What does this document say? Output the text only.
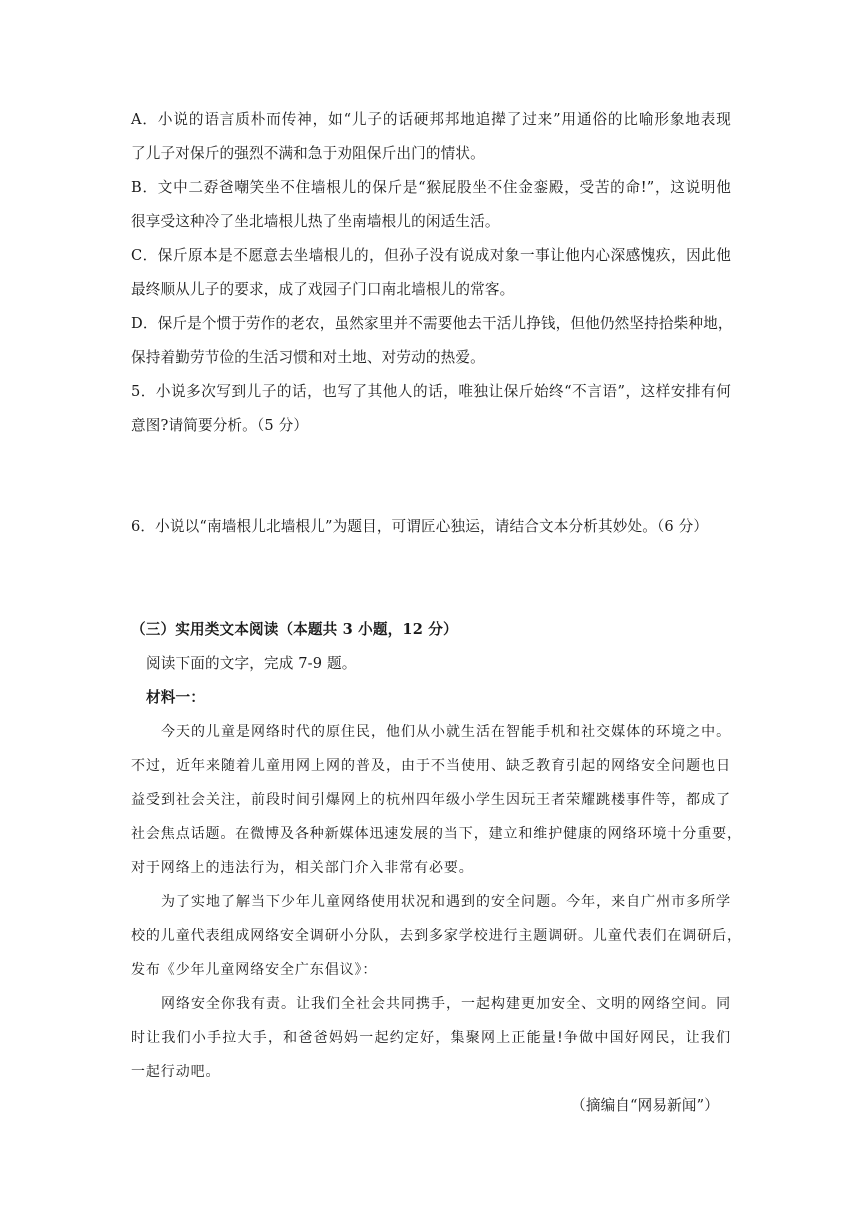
A．小说的语言质朴而传神，如“儿子的话硬邦邦地追撵了过来”用通俗的比喻形象地表现
了儿子对保斤的强烈不满和急于劝阻保斤出门的情状。
B．文中二孬爸嘲笑坐不住墙根儿的保斤是“猴屁股坐不住金銮殿，受苦的命!”，这说明他
很享受这种冷了坐北墙根儿热了坐南墙根儿的闲适生活。
C．保斤原本是不愿意去坐墙根儿的，但孙子没有说成对象一事让他内心深感愧疚，因此他
最终顺从儿子的要求，成了戏园子门口南北墙根儿的常客。
D．保斤是个惯于劳作的老农，虽然家里并不需要他去干活儿挣钱，但他仍然坚持拾柴种地，
保持着勤劳节俭的生活习惯和对土地、对劳动的热爱。
5．小说多次写到儿子的话，也写了其他人的话，唯独让保斤始终“不言语”，这样安排有何
意图?请简要分析。（5 分）
6．小说以“南墙根儿北墙根儿”为题目，可谓匠心独运，请结合文本分析其妙处。（6 分）
（三）实用类文本阅读（本题共 3 小题，12 分）
阅读下面的文字，完成 7-9 题。
材料一：
今天的儿童是网络时代的原住民，他们从小就生活在智能手机和社交媒体的环境之中。
不过，近年来随着儿童用网上网的普及，由于不当使用、缺乏教育引起的网络安全问题也日
益受到社会关注，前段时间引爆网上的杭州四年级小学生因玩王者荣耀跳楼事件等，都成了
社会焦点话题。在微博及各种新媒体迅速发展的当下，建立和维护健康的网络环境十分重要，
对于网络上的违法行为，相关部门介入非常有必要。
为了实地了解当下少年儿童网络使用状况和遇到的安全问题。今年，来自广州市多所学
校的儿童代表组成网络安全调研小分队，去到多家学校进行主题调研。儿童代表们在调研后，
发布《少年儿童网络安全广东倡议》：
网络安全你我有责。让我们全社会共同携手，一起构建更加安全、文明的网络空间。同
时让我们小手拉大手，和爸爸妈妈一起约定好，集聚网上正能量!争做中国好网民，让我们
一起行动吧。
（摘编自“网易新闻”）
